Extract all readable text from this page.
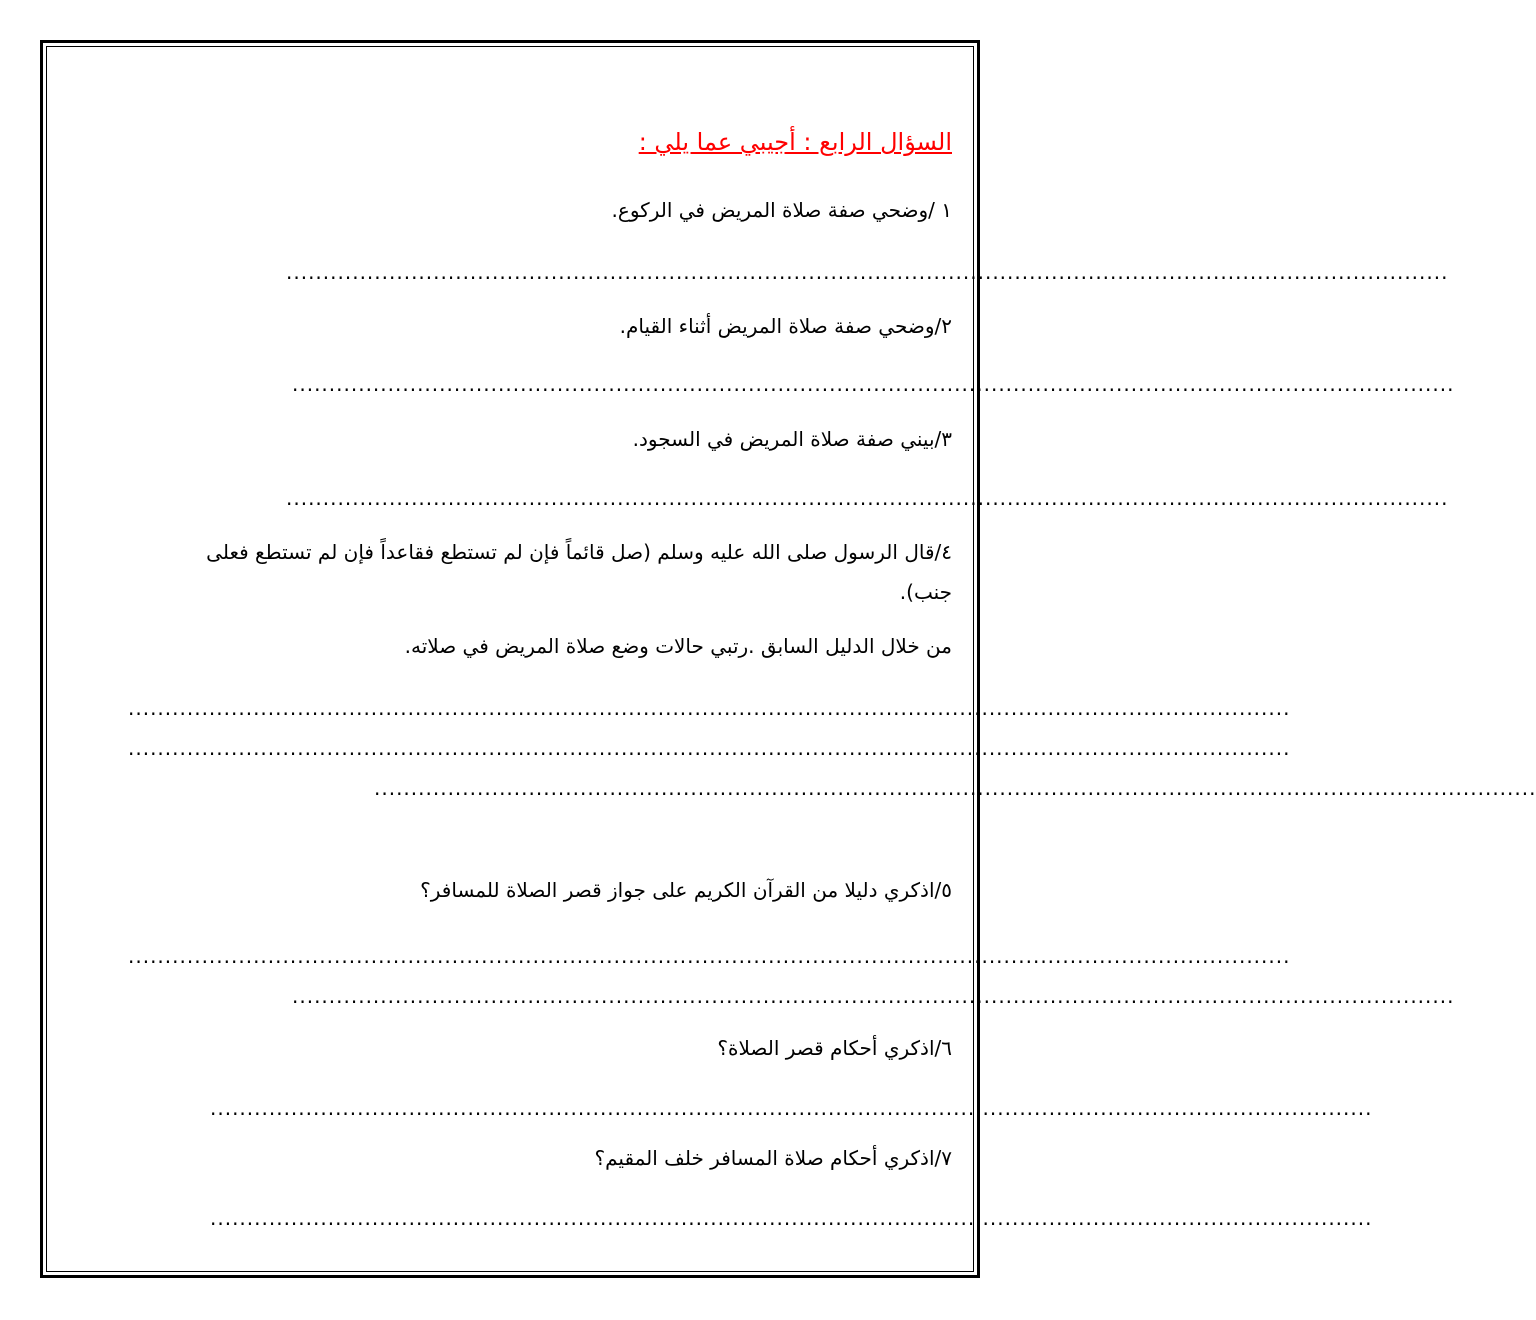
السؤال الرابع : أجيبي عما يلي :
١ /وضحي صفة صلاة المريض في الركوع.
..............................................................................................................................................................
٢/وضحي صفة صلاة المريض أثناء القيام.
..............................................................................................................................................................
٣/بيني صفة صلاة المريض في السجود.
..............................................................................................................................................................
٤/قال الرسول صلى الله عليه وسلم (صل قائماً فإن لم تستطع فقاعداً فإن لم تستطع فعلى
جنب).
من خلال الدليل السابق .رتبي حالات وضع صلاة المريض في صلاته.
..............................................................................................................................................................
..............................................................................................................................................................
..............................................................................................................................................................
٥/اذكري دليلا من القرآن الكريم على جواز قصر الصلاة للمسافر؟
..............................................................................................................................................................
..............................................................................................................................................................
٦/اذكري أحكام قصر الصلاة؟
..............................................................................................................................................................
٧/اذكري أحكام صلاة المسافر خلف المقيم؟
..............................................................................................................................................................
